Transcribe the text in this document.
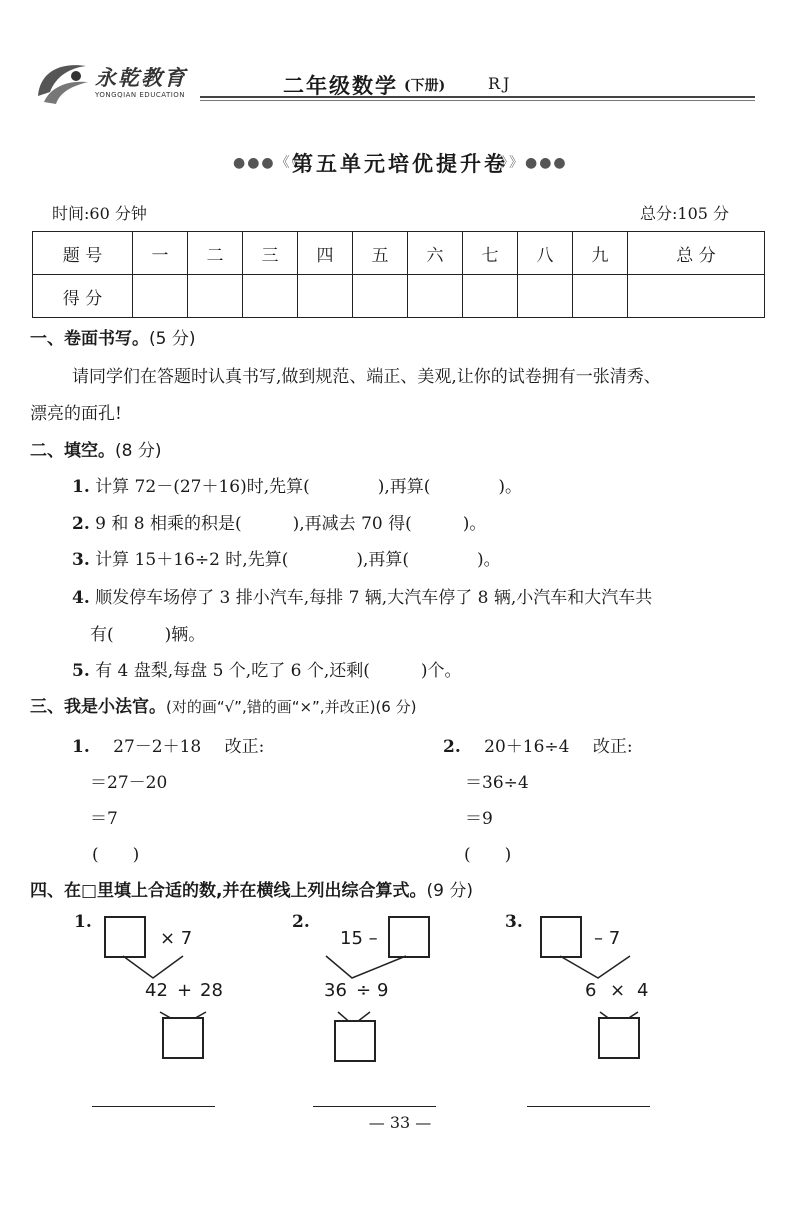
永乾教育
YONGQIAN EDUCATION	二年级数学 (下册)	RJ
●●●《《
第五单元培优提升卷
》》●●●
时间:60 分钟	总分:105 分
题 号	一	二	三	四	五	六	七	八	九	总 分
得 分										
一、卷面书写。(5 分)
请同学们在答题时认真书写,做到规范、端正、美观,让你的试卷拥有一张清秀、
漂亮的面孔!
二、填空。(8 分)
1. 计算 72－(27＋16)时,先算(　　　　),再算(　　　　)。
2. 9 和 8 相乘的积是(　　　),再减去 70 得(　　　)。
3. 计算 15＋16÷2 时,先算(　　　　),再算(　　　　)。
4. 顺发停车场停了 3 排小汽车,每排 7 辆,大汽车停了 8 辆,小汽车和大汽车共
有(　　　)辆。
5. 有 4 盘梨,每盘 5 个,吃了 6 个,还剩(　　　)个。
三、我是小法官。(对的画“√”,错的画“×”,并改正)(6 分)
1. 27－2＋18 改正:
＝27－20
＝7
(　　)
2. 20＋16÷4 改正:
＝36÷4
＝9
(　　)
四、在□里填上合适的数,并在横线上列出综合算式。(9 分)
1.
× 7
42 + 28
2.
15 –
36 ÷ 9
3.
– 7
6 × 4
— 33 —
